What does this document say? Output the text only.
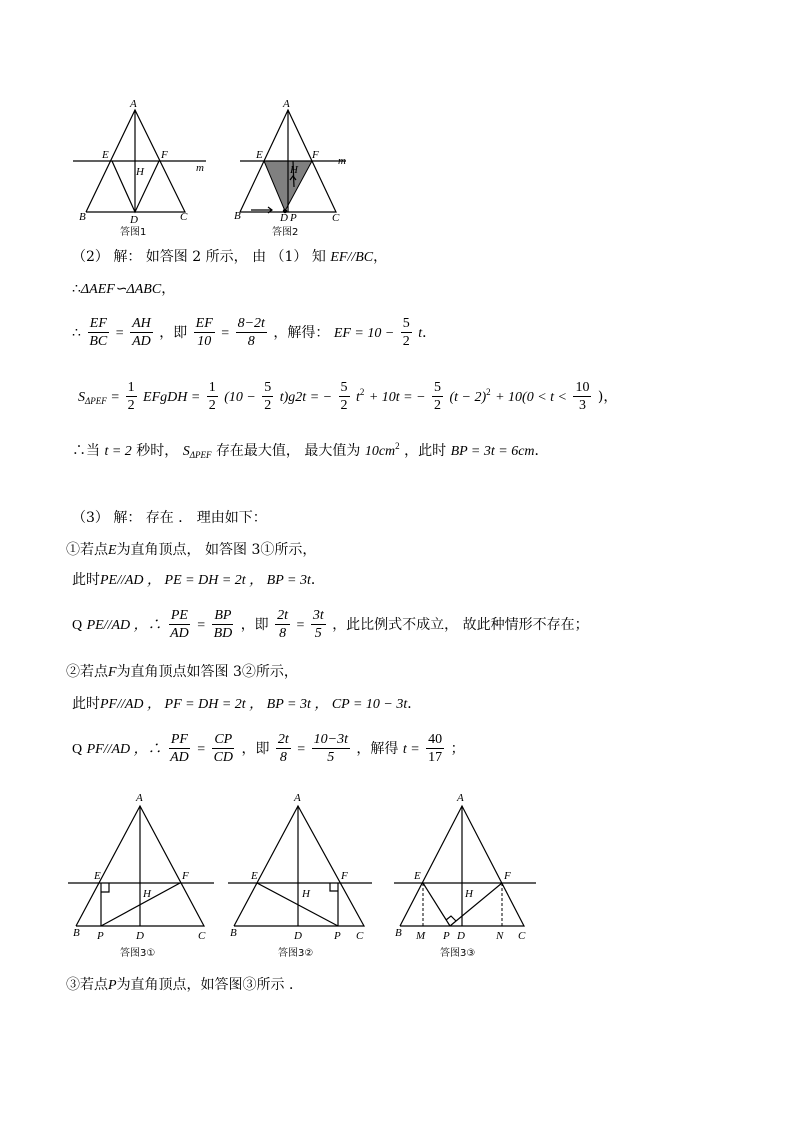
A
E	F
m
H
B	D	C
答图1
A
E	F m
H
B	D P	C
答图2
（2） 解： 如答图 2 所示， 由 （1） 知 EF//BC，
∴ΔAEF∽ΔABC，
∴ $\frac{EF}{BC} = \frac{AH}{AD}$ ，即 $\frac{EF}{10} = \frac{8-2t}{8}$ ，解得： EF = $10 - \frac{5}{2}$ t．
$S_{\Delta PEF} = \frac{1}{2}$ EFgDH = $\frac{1}{2} (10 - \frac{5}{2} t)g2t$ = − $\frac{5}{2} t^2 + 10t$ = − $\frac{5}{2} (t - 2)^2 + 10(0 < t < \frac{10}{3}$ )，
∴当 t = 2 秒时， $S_{\Delta PEF}$ 存在最大值， 最大值为 $10cm^2$ ，此时 BP = 3t = 6cm．
（3） 解： 存在 ． 理由如下：
①若点E为直角顶点， 如答图 3①所示，
此时PE//AD ， PE = DH = 2t ， BP = 3t．
Q PE//AD ，∴ $\frac{PE}{AD} = \frac{BP}{BD}$ ，即 $\frac{2t}{8} = \frac{3t}{5}$ ，此比例式不成立， 故此种情形不存在；
②若点F为直角顶点如答图 3②所示，
此时PF//AD ， PF = DH = 2t ， BP = 3t ， CP = 10 − 3t．
Q PF//AD ，∴ $\frac{PF}{AD} = \frac{CP}{CD}$ ，即 $\frac{2t}{8} = \frac{10-3t}{5}$ ，解得 $t = \frac{40}{17}$ ；
A
E	F
H
B P	D	C
答图3①
A
E	F
H
B	D	P C
答图3②
A
E	F
H
B M P D	N C
答图3③
③若点P为直角顶点，如答图③所示 ．
